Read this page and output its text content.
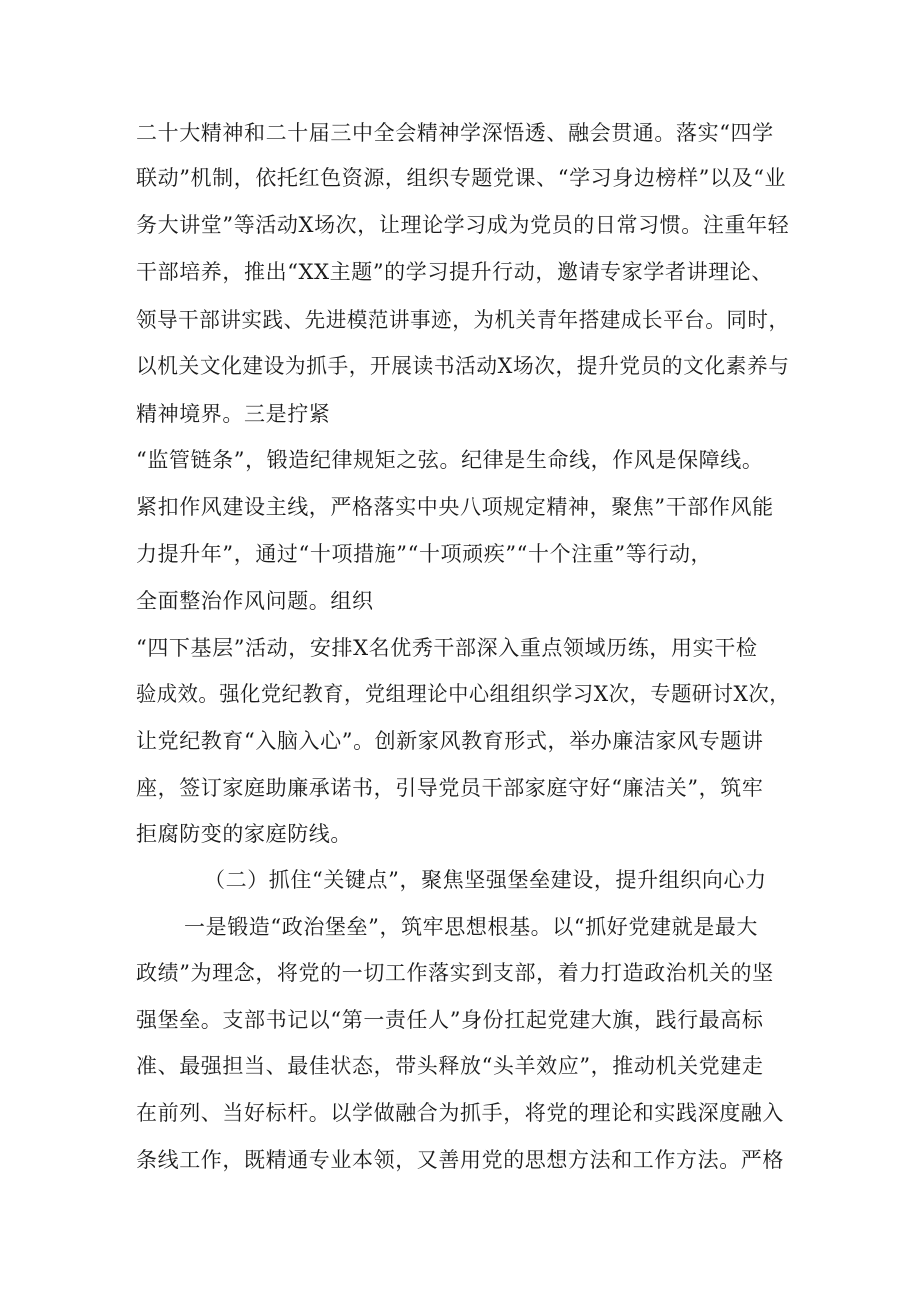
二十大精神和二十届三中全会精神学深悟透、融会贯通。落实“四学
联动”机制，依托红色资源，组织专题党课、“学习身边榜样”以及“业
务大讲堂”等活动X场次，让理论学习成为党员的日常习惯。注重年轻
干部培养，推出“XX主题”的学习提升行动，邀请专家学者讲理论、
领导干部讲实践、先进模范讲事迹，为机关青年搭建成长平台。同时，
以机关文化建设为抓手，开展读书活动X场次，提升党员的文化素养与
精神境界。三是拧紧
“监管链条”，锻造纪律规矩之弦。纪律是生命线，作风是保障线。
紧扣作风建设主线，严格落实中央八项规定精神，聚焦”干部作风能
力提升年”，通过“十项措施”“十项顽疾”“十个注重”等行动，
全面整治作风问题。组织
“四下基层”活动，安排X名优秀干部深入重点领域历练，用实干检
验成效。强化党纪教育，党组理论中心组组织学习X次，专题研讨X次，
让党纪教育“入脑入心”。创新家风教育形式，举办廉洁家风专题讲
座，签订家庭助廉承诺书，引导党员干部家庭守好“廉洁关”，筑牢
拒腐防变的家庭防线。
（二）抓住“关键点”，聚焦坚强堡垒建设，提升组织向心力
一是锻造“政治堡垒”，筑牢思想根基。以“抓好党建就是最大
政绩”为理念，将党的一切工作落实到支部，着力打造政治机关的坚
强堡垒。支部书记以“第一责任人”身份扛起党建大旗，践行最高标
准、最强担当、最佳状态，带头释放“头羊效应”，推动机关党建走
在前列、当好标杆。以学做融合为抓手，将党的理论和实践深度融入
条线工作，既精通专业本领，又善用党的思想方法和工作方法。严格
